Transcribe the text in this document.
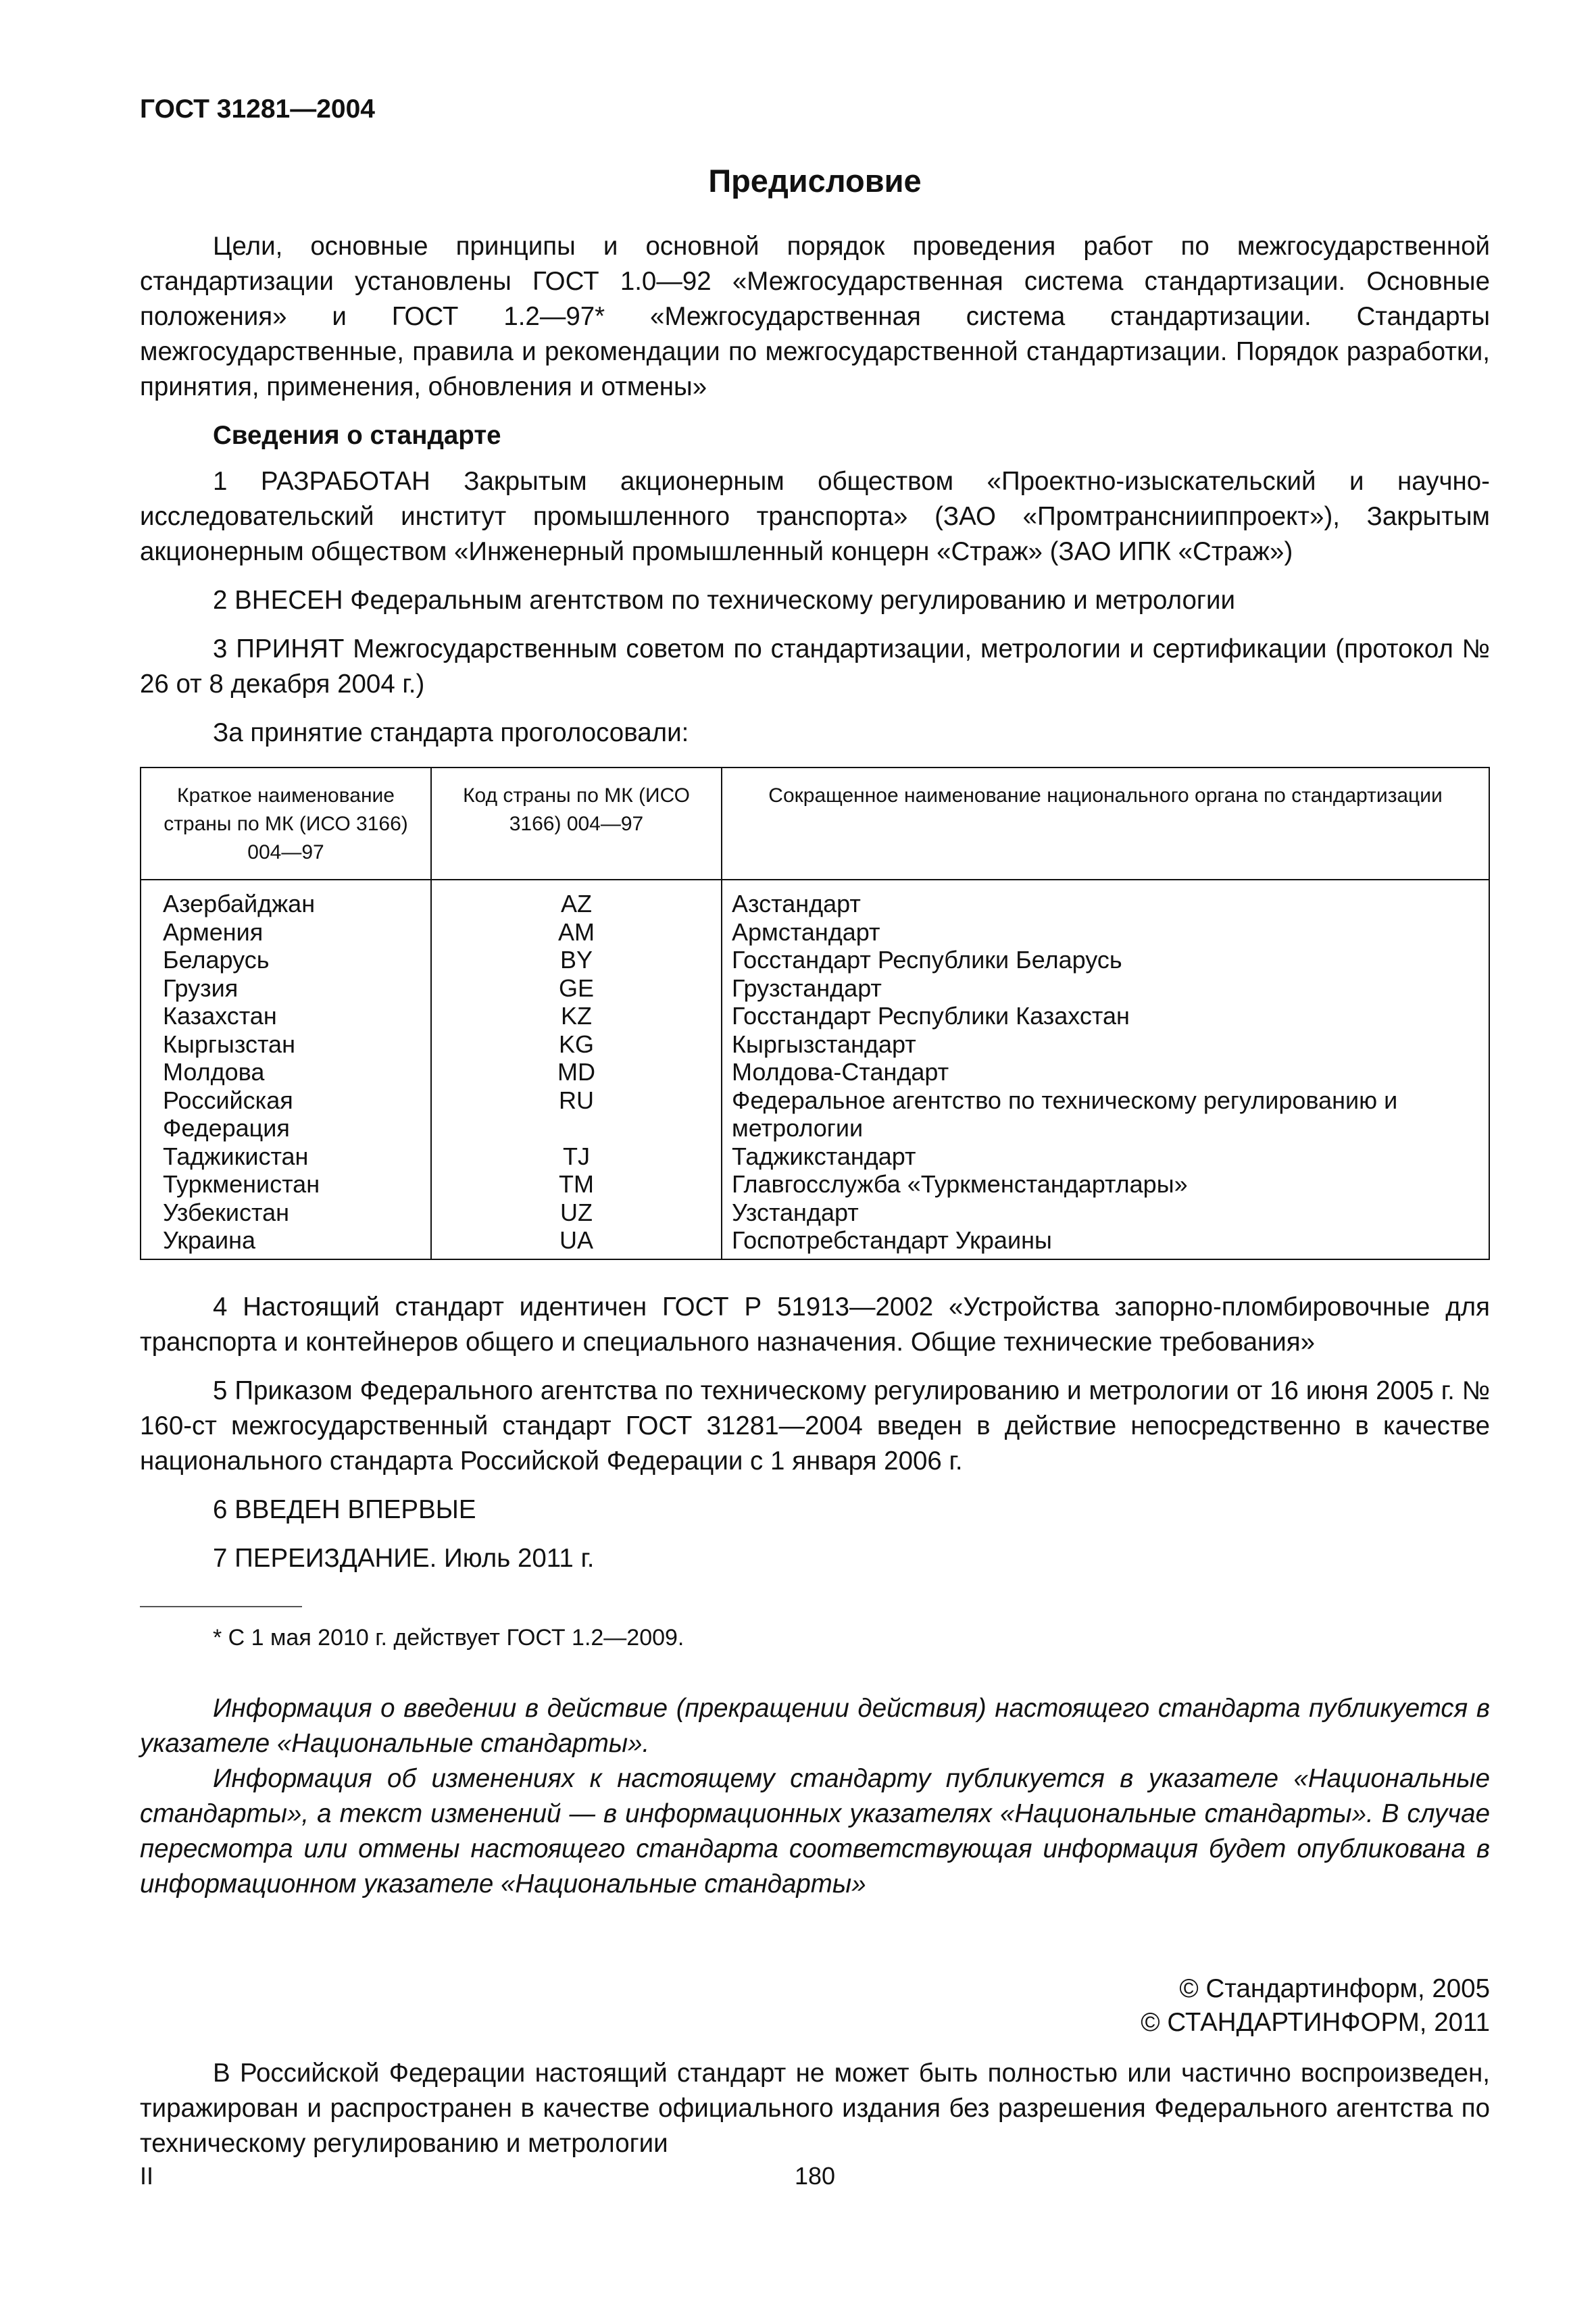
ГОСТ 31281—2004
Предисловие

Цели, основные принципы и основной порядок проведения работ по межгосударственной стандартизации установлены ГОСТ 1.0—92 «Межгосударственная система стандартизации. Основные положения» и ГОСТ 1.2—97* «Межгосударственная система стандартизации. Стандарты межгосударственные, правила и рекомендации по межгосударственной стандартизации. Порядок разработки, принятия, применения, обновления и отмены»

Сведения о стандарте

1 РАЗРАБОТАН Закрытым акционерным обществом «Проектно-изыскательский и научно-исследовательский институт промышленного транспорта» (ЗАО «Промтранснииппроект»), Закрытым акционерным обществом «Инженерный промышленный концерн «Страж» (ЗАО ИПК «Страж»)

2 ВНЕСЕН Федеральным агентством по техническому регулированию и метрологии

3 ПРИНЯТ Межгосударственным советом по стандартизации, метрологии и сертификации (протокол № 26 от 8 декабря 2004 г.)

За принятие стандарта проголосовали:

Краткое наименование страны по МК (ИСО 3166) 004—97	Код страны по МК (ИСО 3166) 004—97	Сокращенное наименование национального органа по стандартизации
Азербайджан	AZ	Азстандарт
Армения	AM	Армстандарт
Беларусь	BY	Госстандарт Республики Беларусь
Грузия	GE	Грузстандарт
Казахстан	KZ	Госстандарт Республики Казахстан
Кыргызстан	KG	Кыргызстандарт
Молдова	MD	Молдова-Стандарт
Российская Федерация	RU	Федеральное агентство по техническому регулированию и метрологии
Таджикистан	TJ	Таджикстандарт
Туркменистан	TM	Главгосслужба «Туркменстандартлары»
Узбекистан	UZ	Узстандарт
Украина	UA	Госпотребстандарт Украины

4 Настоящий стандарт идентичен ГОСТ Р 51913—2002 «Устройства запорно-пломбировочные для транспорта и контейнеров общего и специального назначения. Общие технические требования»

5 Приказом Федерального агентства по техническому регулированию и метрологии от 16 июня 2005 г. № 160-ст межгосударственный стандарт ГОСТ 31281—2004 введен в действие непосредственно в качестве национального стандарта Российской Федерации с 1 января 2006 г.

6 ВВЕДЕН ВПЕРВЫЕ

7 ПЕРЕИЗДАНИЕ. Июль 2011 г.

* С 1 мая 2010 г. действует ГОСТ 1.2—2009.

Информация о введении в действие (прекращении действия) настоящего стандарта публикуется в указателе «Национальные стандарты».

Информация об изменениях к настоящему стандарту публикуется в указателе «Национальные стандарты», а текст изменений — в информационных указателях «Национальные стандарты». В случае пересмотра или отмены настоящего стандарта соответствующая информация будет опубликована в информационном указателе «Национальные стандарты»

© Стандартинформ, 2005
© СТАНДАРТИНФОРМ, 2011

В Российской Федерации настоящий стандарт не может быть полностью или частично воспроизведен, тиражирован и распространен в качестве официального издания без разрешения Федерального агентства по техническому регулированию и метрологии

II	180
